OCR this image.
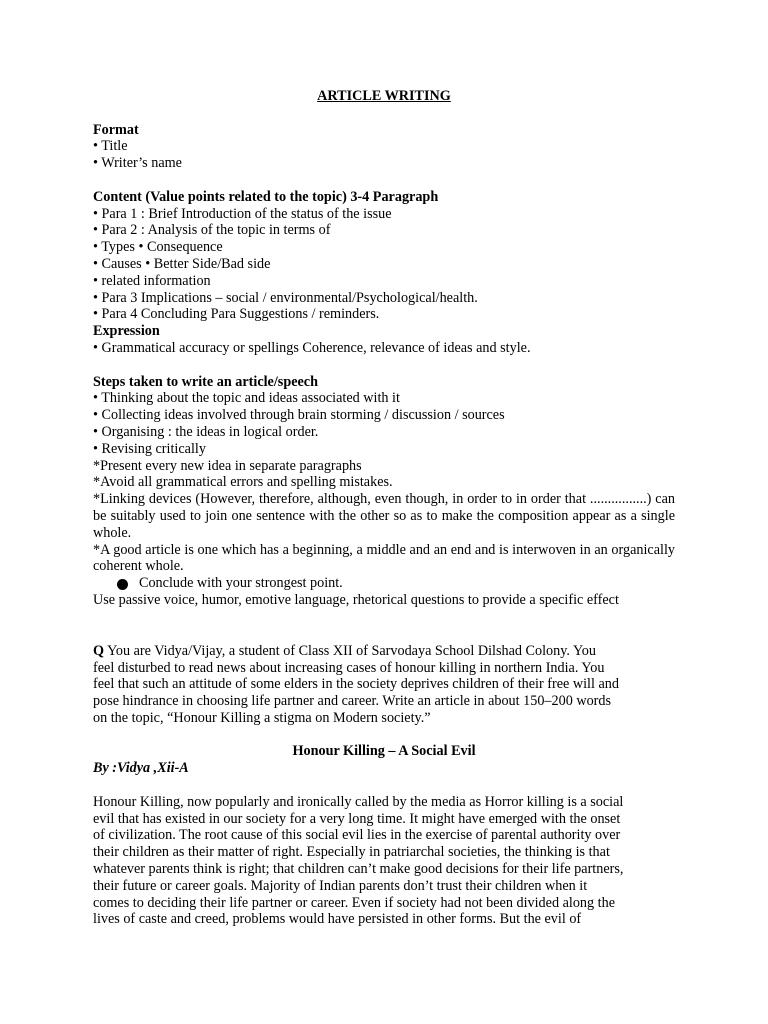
ARTICLE WRITING
Format
• Title
• Writer’s name
Content (Value points related to the topic) 3-4 Paragraph
• Para 1 : Brief Introduction of the status of the issue
• Para 2 : Analysis of the topic in terms of
• Types • Consequence
• Causes • Better Side/Bad side
• related information
• Para 3 Implications – social / environmental/Psychological/health.
• Para 4 Concluding Para Suggestions / reminders.
Expression
• Grammatical accuracy or spellings Coherence, relevance of ideas and style.
Steps taken to write an article/speech
• Thinking about the topic and ideas associated with it
• Collecting ideas involved through brain storming / discussion / sources
• Organising : the ideas in logical order.
• Revising critically
*Present every new idea in separate paragraphs
*Avoid all grammatical errors and spelling mistakes.
*Linking devices (However, therefore, although, even though, in order to in order that ................) can be suitably used to join one sentence with the other so as to make the composition appear as a single whole.
*A good article is one which has a beginning, a middle and an end and is interwoven in an organically coherent whole.
Conclude with your strongest point.
Use passive voice, humor, emotive language, rhetorical questions to provide a specific effect
Q You are Vidya/Vijay, a student of Class XII of Sarvodaya School Dilshad Colony. You
feel disturbed to read news about increasing cases of honour killing in northern India. You
feel that such an attitude of some elders in the society deprives children of their free will and
pose hindrance in choosing life partner and career. Write an article in about 150–200 words
on the topic, “Honour Killing a stigma on Modern society.”
Honour Killing – A Social Evil
By :Vidya ,Xii-A
Honour Killing, now popularly and ironically called by the media as Horror killing is a social
evil that has existed in our society for a very long time. It might have emerged with the onset
of civilization. The root cause of this social evil lies in the exercise of parental authority over
their children as their matter of right. Especially in patriarchal societies, the thinking is that
whatever parents think is right; that children can’t make good decisions for their life partners,
their future or career goals. Majority of Indian parents don’t trust their children when it
comes to deciding their life partner or career. Even if society had not been divided along the
lives of caste and creed, problems would have persisted in other forms. But the evil of
